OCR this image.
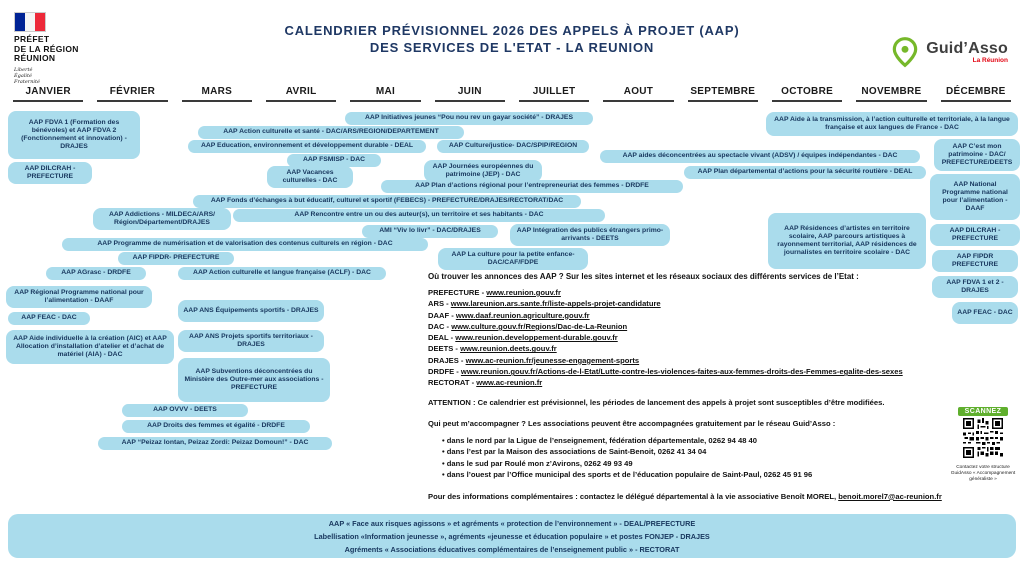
PRÉFET
DE LA RÉGION
RÉUNION
Liberté
Égalité
Fraternité
CALENDRIER PRÉVISIONNEL 2026 DES APPELS À PROJET (AAP)
DES SERVICES DE L'ETAT - LA REUNION	Guid’Asso
La Réunion
JANVIER	FÉVRIER	MARS	AVRIL	MAI	JUIN	JUILLET	AOUT	SEPTEMBRE	OCTOBRE	NOVEMBRE	DÉCEMBRE
AAP FDVA 1 (Formation des bénévoles) et AAP FDVA 2 (Fonctionnement et innovation) - DRAJES
AAP DILCRAH - PREFECTURE
AAP Initiatives jeunes “Pou nou rev un gayar société” - DRAJES
AAP Action culturelle et santé - DAC/ARS/REGION/DEPARTEMENT
AAP Education, environnement et développement durable - DEAL	AAP Culture/justice- DAC/SPIP/REGION
AAP FSMISP - DAC
AAP Journées européennes du patrimoine (JEP) - DAC
AAP Vacances culturelles - DAC
AAP Plan d’actions régional pour l’entrepreneuriat des femmes - DRDFE
AAP Fonds d’échanges à but éducatif, culturel et sportif (FEBECS) - PREFECTURE/DRAJES/RECTORAT/DAC
AAP Addictions - MILDECA/ARS/ Région/Département/DRAJES
AAP Rencontre entre un ou des auteur(s), un territoire et ses habitants - DAC
AMI “Viv lo livr” - DAC/DRAJES	AAP Intégration des publics étrangers primo-arrivants - DEETS
AAP Programme de numérisation et de valorisation des contenus culturels en région - DAC
AAP FIPDR- PREFECTURE
AAP La culture pour la petite enfance- DAC/CAF/FDPE
AAP AGrasc - DRDFE	AAP Action culturelle et langue française (ACLF) - DAC
AAP Régional Programme national pour l’alimentation - DAAF
AAP FEAC - DAC
AAP ANS Équipements sportifs - DRAJES
AAP Aide individuelle à la création (AIC) et AAP Allocation d’installation d’atelier et d’achat de matériel (AIA) - DAC
AAP ANS Projets sportifs territoriaux - DRAJES
AAP Subventions déconcentrées du Ministère des Outre-mer aux associations - PREFECTURE
AAP OVVV - DEETS
AAP Droits des femmes et égalité - DRDFE
AAP “Peizaz lontan, Peizaz Zordi: Peizaz Domoun!” - DAC
AAP Aide à la transmission, à l’action culturelle et territoriale, à la langue française et aux langues de France - DAC
AAP C’est mon patrimoine - DAC/ PREFECTURE/DEETS
AAP aides déconcentrées au spectacle vivant (ADSV) / équipes indépendantes - DAC
AAP Plan départemental d’actions pour la sécurité routière - DEAL
AAP National Programme national pour l’alimentation - DAAF
AAP Résidences d’artistes en territoire scolaire, AAP parcours artistiques à rayonnement territorial, AAP résidences de journalistes en territoire scolaire - DAC
AAP DILCRAH - PREFECTURE
AAP FIPDR PREFECTURE
AAP FDVA 1 et 2 - DRAJES
AAP FEAC - DAC
Où trouver les annonces des AAP ? Sur les sites internet et les réseaux sociaux des différents services de l’Etat :
PREFECTURE - www.reunion.gouv.fr
ARS - www.lareunion.ars.sante.fr/liste-appels-projet-candidature
DAAF - www.daaf.reunion.agriculture.gouv.fr
DAC - www.culture.gouv.fr/Regions/Dac-de-La-Reunion
DEAL - www.reunion.developpement-durable.gouv.fr
DEETS - www.reunion.deets.gouv.fr
DRAJES - www.ac-reunion.fr/jeunesse-engagement-sports
DRDFE - www.reunion.gouv.fr/Actions-de-l-Etat/Lutte-contre-les-violences-faites-aux-femmes-droits-des-Femmes-egalite-des-sexes
RECTORAT - www.ac-reunion.fr
ATTENTION : Ce calendrier est prévisionnel, les périodes de lancement des appels à projet sont susceptibles d’être modifiées.
Qui peut m’accompagner ? Les associations peuvent être accompagnées gratuitement par le réseau Guid’Asso :
• dans le nord par la Ligue de l’enseignement, fédération départementale, 0262 94 48 40
• dans l’est par la Maison des associations de Saint-Benoit, 0262 41 34 04
• dans le sud par Roulé mon z’Avirons, 0262 49 93 49
• dans l’ouest par l’Office municipal des sports et de l’éducation populaire de Saint-Paul, 0262 45 91 96
Pour des informations complémentaires : contactez le délégué départemental à la vie associative Benoît MOREL, benoit.morel7@ac-reunion.fr
SCANNEZ
Contactez votre structure GuidAsso « Accompagnement généraliste »
AAP « Face aux risques agissons » et agréments « protection de l’environnement » - DEAL/PREFECTURE
Labellisation «Information jeunesse », agréments «jeunesse et éducation populaire » et postes FONJEP - DRAJES
Agréments « Associations éducatives complémentaires de l’enseignement public » - RECTORAT
